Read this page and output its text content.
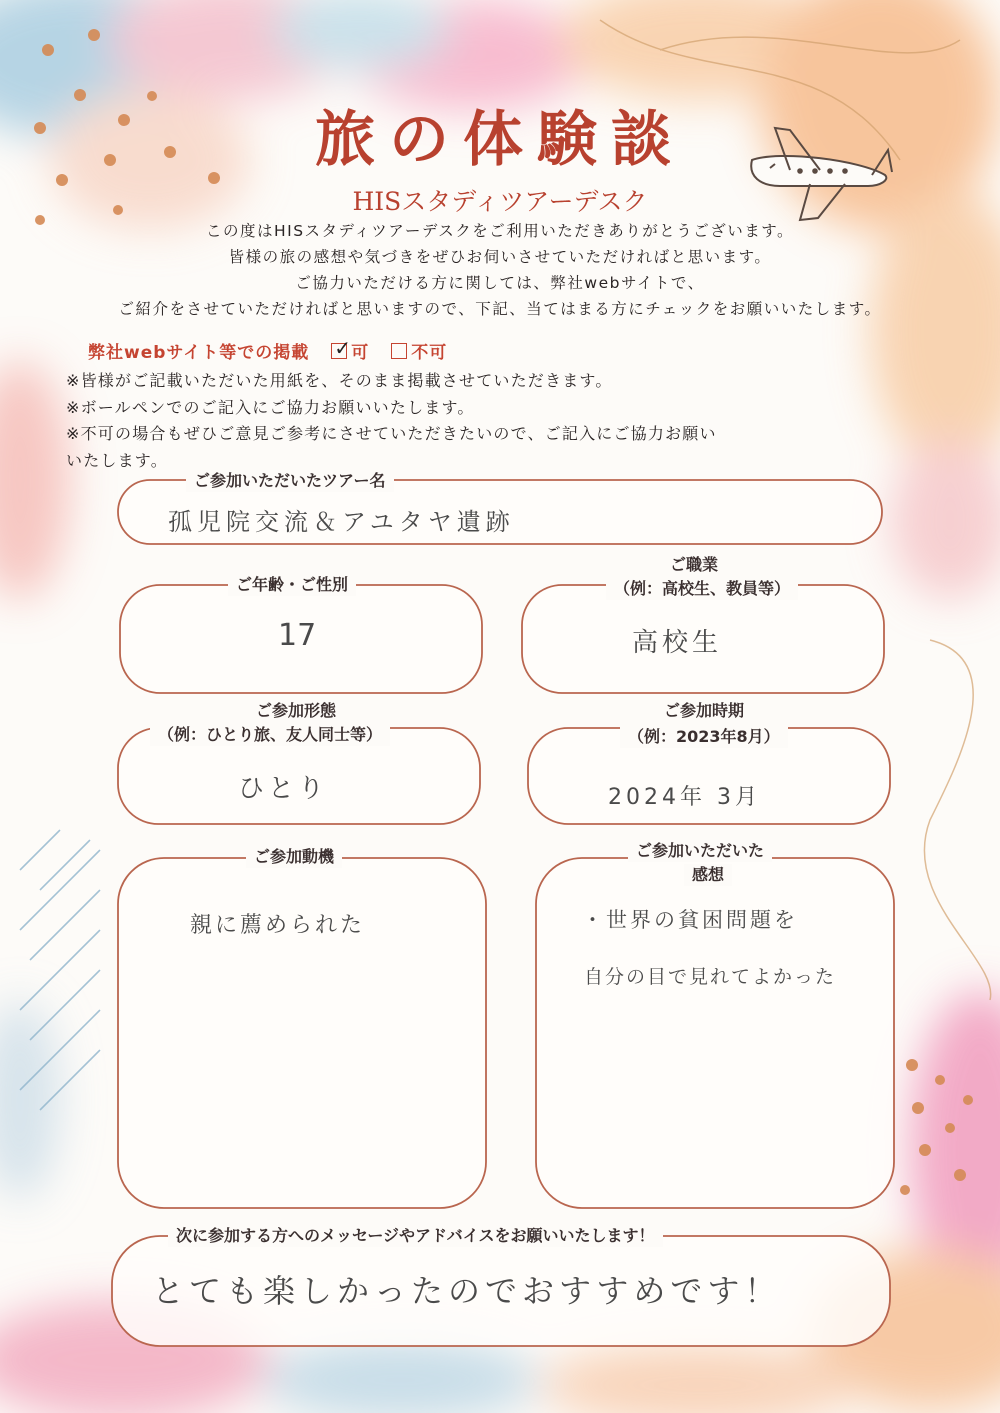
旅の体験談
HISスタディツアーデスク
この度はHISスタディツアーデスクをご利用いただきありがとうございます。
皆様の旅の感想や気づきをぜひお伺いさせていただければと思います。
ご協力いただける方に関しては、弊社webサイトで、
ご紹介をさせていただければと思いますので、下記、当てはまる方にチェックをお願いいたします。
弊社webサイト等での掲載 ✓ 可 不可
※皆様がご記載いただいた用紙を、そのまま掲載させていただきます。
※ボールペンでのご記入にご協力お願いいたします。
※不可の場合もぜひご意見ご参考にさせていただきたいので、ご記入にご協力お願い
いたします。
ご参加いただいたツアー名
孤児院交流＆アユタヤ遺跡
ご年齢・ご性別
17
ご職業
（例：高校生、教員等）
高校生
ご参加形態
（例：ひとり旅、友人同士等）
ひとり
ご参加時期
（例：2023年8月）
2024年 3月
ご参加動機
親に薦められた
ご参加いただいた
感想
・世界の貧困問題を
自分の目で見れてよかった
次に参加する方へのメッセージやアドバイスをお願いいたします！
とても楽しかったのでおすすめです！
